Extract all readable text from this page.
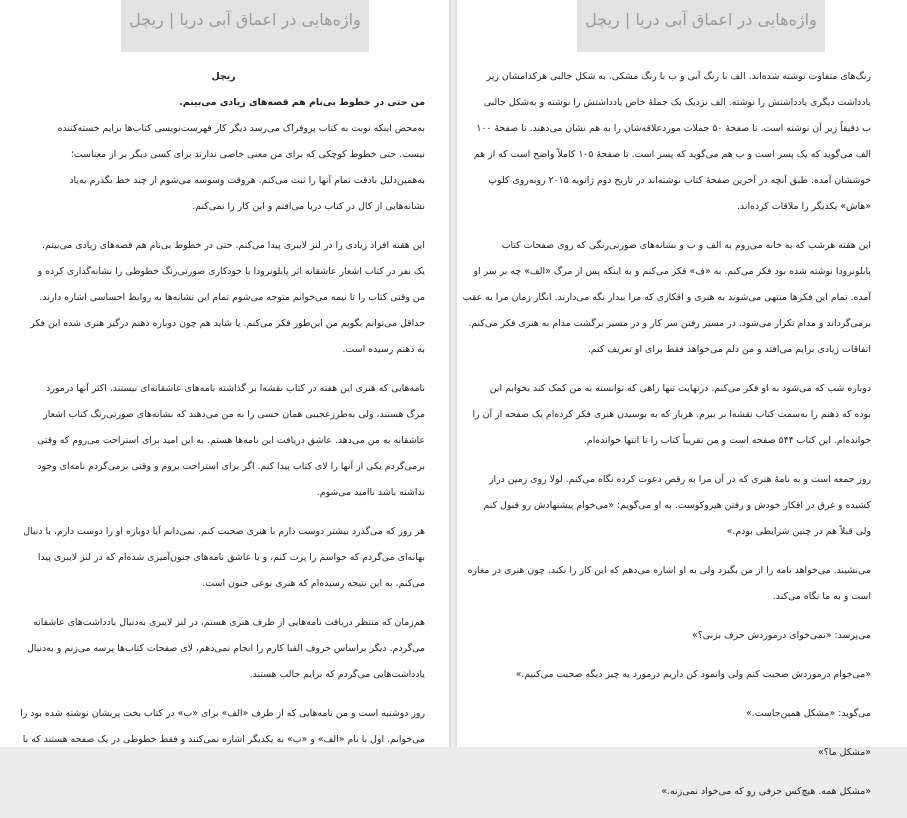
واژه‌هایی در اعماق آبی دریا | ریچل
ریچل
من حتی در خطوط بی‌نام هم قصه‌های زیادی می‌بینم.
به‌محض اینکه نوبت به کتاب پروفراک می‌رسد دیگر کار فهرست‌نویسی کتاب‌ها برایم خسته‌کننده
نیست. حتی خطوط کوچکی که برای من معنی خاصی ندارند برای کسی دیگر بر از معناست؛
به‌همین‌دلیل بادقت تمام آنها را ثبت می‌کنم. هروقت وسوسه می‌شوم از چند خط بگذرم به‌یاد
نشانه‌هایی از کال در کتاب دریا می‌افتم و این کار را نمی‌کنم.
این هفته افراد زیادی را در لنز لایبری پیدا می‌کنم. حتی در خطوط بی‌نام هم قصه‌های زیادی می‌بینم.
یک نفر در کتاب اشعار عاشقانه اثر پابلونرودا با خودکاری صورتی‌رنگ خطوطی را نشانه‌گذاری کرده و
من وقتی کتاب را تا نیمه می‌خوانم متوجه می‌شوم تمام این نشانه‌ها به روابط احساسی اشاره دارند.
حداقل می‌توانم بگویم من این‌طور فکر می‌کنم. یا شاید هم چون دوباره ذهنم درگیر هنری شده این فکر
به ذهنم رسیده است.
نامه‌هایی که هنری این هفته در کتاب نقشه‌ا بر گذاشته نامه‌های عاشقانه‌ای نیستند. اکثر آنها درمورد
مرگ هستند، ولی به‌طرزعجیبی همان حسی را به من می‌دهند که نشانه‌های صورتی‌رنگ کتاب اشعار
عاشقانه به من می‌دهد. عاشق دریافت این نامه‌ها هستم. به این امید برای استراحت می‌روم که وقتی
برمی‌گردم یکی از آنها را لای کتاب پیدا کنم. اگر برای استراحت بروم و وقتی برمی‌گردم نامه‌ای وجود
نداشته باشد ناامید می‌شوم.
هر روز که می‌گذرد بیشتر دوست دارم با هنری صحبت کنم. نمی‌دانم آیا دوباره او را دوست دارم، یا دنبال
بهانه‌ای می‌گردم که حواسم را پرت کنم، و یا عاشق نامه‌های جنون‌آمیزی شده‌ام که در لنز لایبری پیدا
می‌کنم. به این نتیجه رسیده‌ام که هنری نوعی جنون است.
هم‌زمان که منتظر دریافت نامه‌هایی از طرف هنری هستم، در لنز لایبری به‌دنبال یادداشت‌های عاشقانه
می‌گردم. دیگر براساس حروف الفبا کارم را انجام نمی‌دهم، لای صفحات کتاب‌ها پرسه می‌زنم و به‌دنبال
یادداشت‌هایی می‌گردم که برایم جالب هستند.
روز دوشنبه است و من نامه‌هایی که از طرف «الف» برای «ب» در کتاب بخت پریشان نوشته شده بود را
می‌خوانم. اول با نام «الف» و «ب» به یکدیگر اشاره نمی‌کنند و فقط خطوطی در یک صفحه هستند که با
واژه‌هایی در اعماق آبی دریا | ریچل
رنگ‌های متفاوت نوشته شده‌اند. الف با رنگ آبی و ب با رنگ مشکی. به شکل جالبی هرکدامشان زیر
یادداشت دیگری یادداشتش را نوشته. الف نزدیک یک جملهٔ خاص یادداشتش را نوشته و به‌شکل جالبی
ب دقیقاً زیر آن نوشته است. تا صفحهٔ ۵۰ جملات موردعلاقه‌شان را به هم نشان می‌دهند. تا صفحهٔ ۱۰۰
الف می‌گوید که یک پسر است و ب هم می‌گوید که پسر است. تا صفحهٔ ۱۰۵ کاملاً واضح است که از هم
خوششان آمده. طبق آنچه در آخرین صفحهٔ کتاب نوشته‌اند در تاریخ دوم ژانویه ۲۰۱۵ روبه‌روی کلوپ
«هاش» یکدیگر را ملاقات کرده‌اند.
این هفته هرشب که به خانه می‌روم به الف و ب و نشانه‌های صورتی‌رنگی که روی صفحات کتاب
پابلونرودا نوشته شده بود فکر می‌کنم. به «ف» فکر می‌کنم و به اینکه پس از مرگ «الف» چه بر سر او
آمده. تمام این فکرها منتهی می‌شوند به هنری و افکاری که مرا بیدار نگه می‌دارند. انگار زمان مرا به عقب
برمی‌گرداند و مدام تکرار می‌شود. در مسیر رفتن سر کار و در مسیر برگشت مدام به هنری فکر می‌کنم.
اتفاقات زیادی برایم می‌افتد و من دلم می‌خواهد فقط برای او تعریف کنم.
دوباره شب که می‌شود به او فکر می‌کنم. درنهایت تنها راهی که توانسته به من کمک کند بخوابم این
بوده که ذهنم را به‌سمت کتاب نقشه‌ا بر ببرم. هربار که به بوسیدن هنری فکر کرده‌ام یک صفحه از آن را
خوانده‌ام. این کتاب ۵۴۴ صفحه است و من تقریباً کتاب را تا انتها خوانده‌ام.
روز جمعه است و به نامهٔ هنری که در آن مرا به رقص دعوت کرده نگاه می‌کنم. لولا روی زمین دراز
کشیده و غرق در افکار خودش و رفتن هیروکوست. به او می‌گویم: «می‌خوام پیشنهادش رو قبول کنم
ولی قبلاً هم در چنین شرایطی بودم.»
می‌نشیند. می‌خواهد نامه را از من بگیرد ولی به او اشاره می‌دهم که این کار را نکند. چون هنری در مغازه
است و به ما نگاه می‌کند.
می‌پرسد: «نمی‌خوای درموردش حرف بزنی؟»
«می‌خوام درموردش صحبت کنم ولی وانمود کن داریم درمورد یه چیز دیگه صحبت می‌کنیم.»
می‌گوید: «مشکل همین‌جاست.»
«مشکل ما؟»
«مشکل همه. هیچ‌کس حرفی رو که می‌خواد نمی‌زنه.»
